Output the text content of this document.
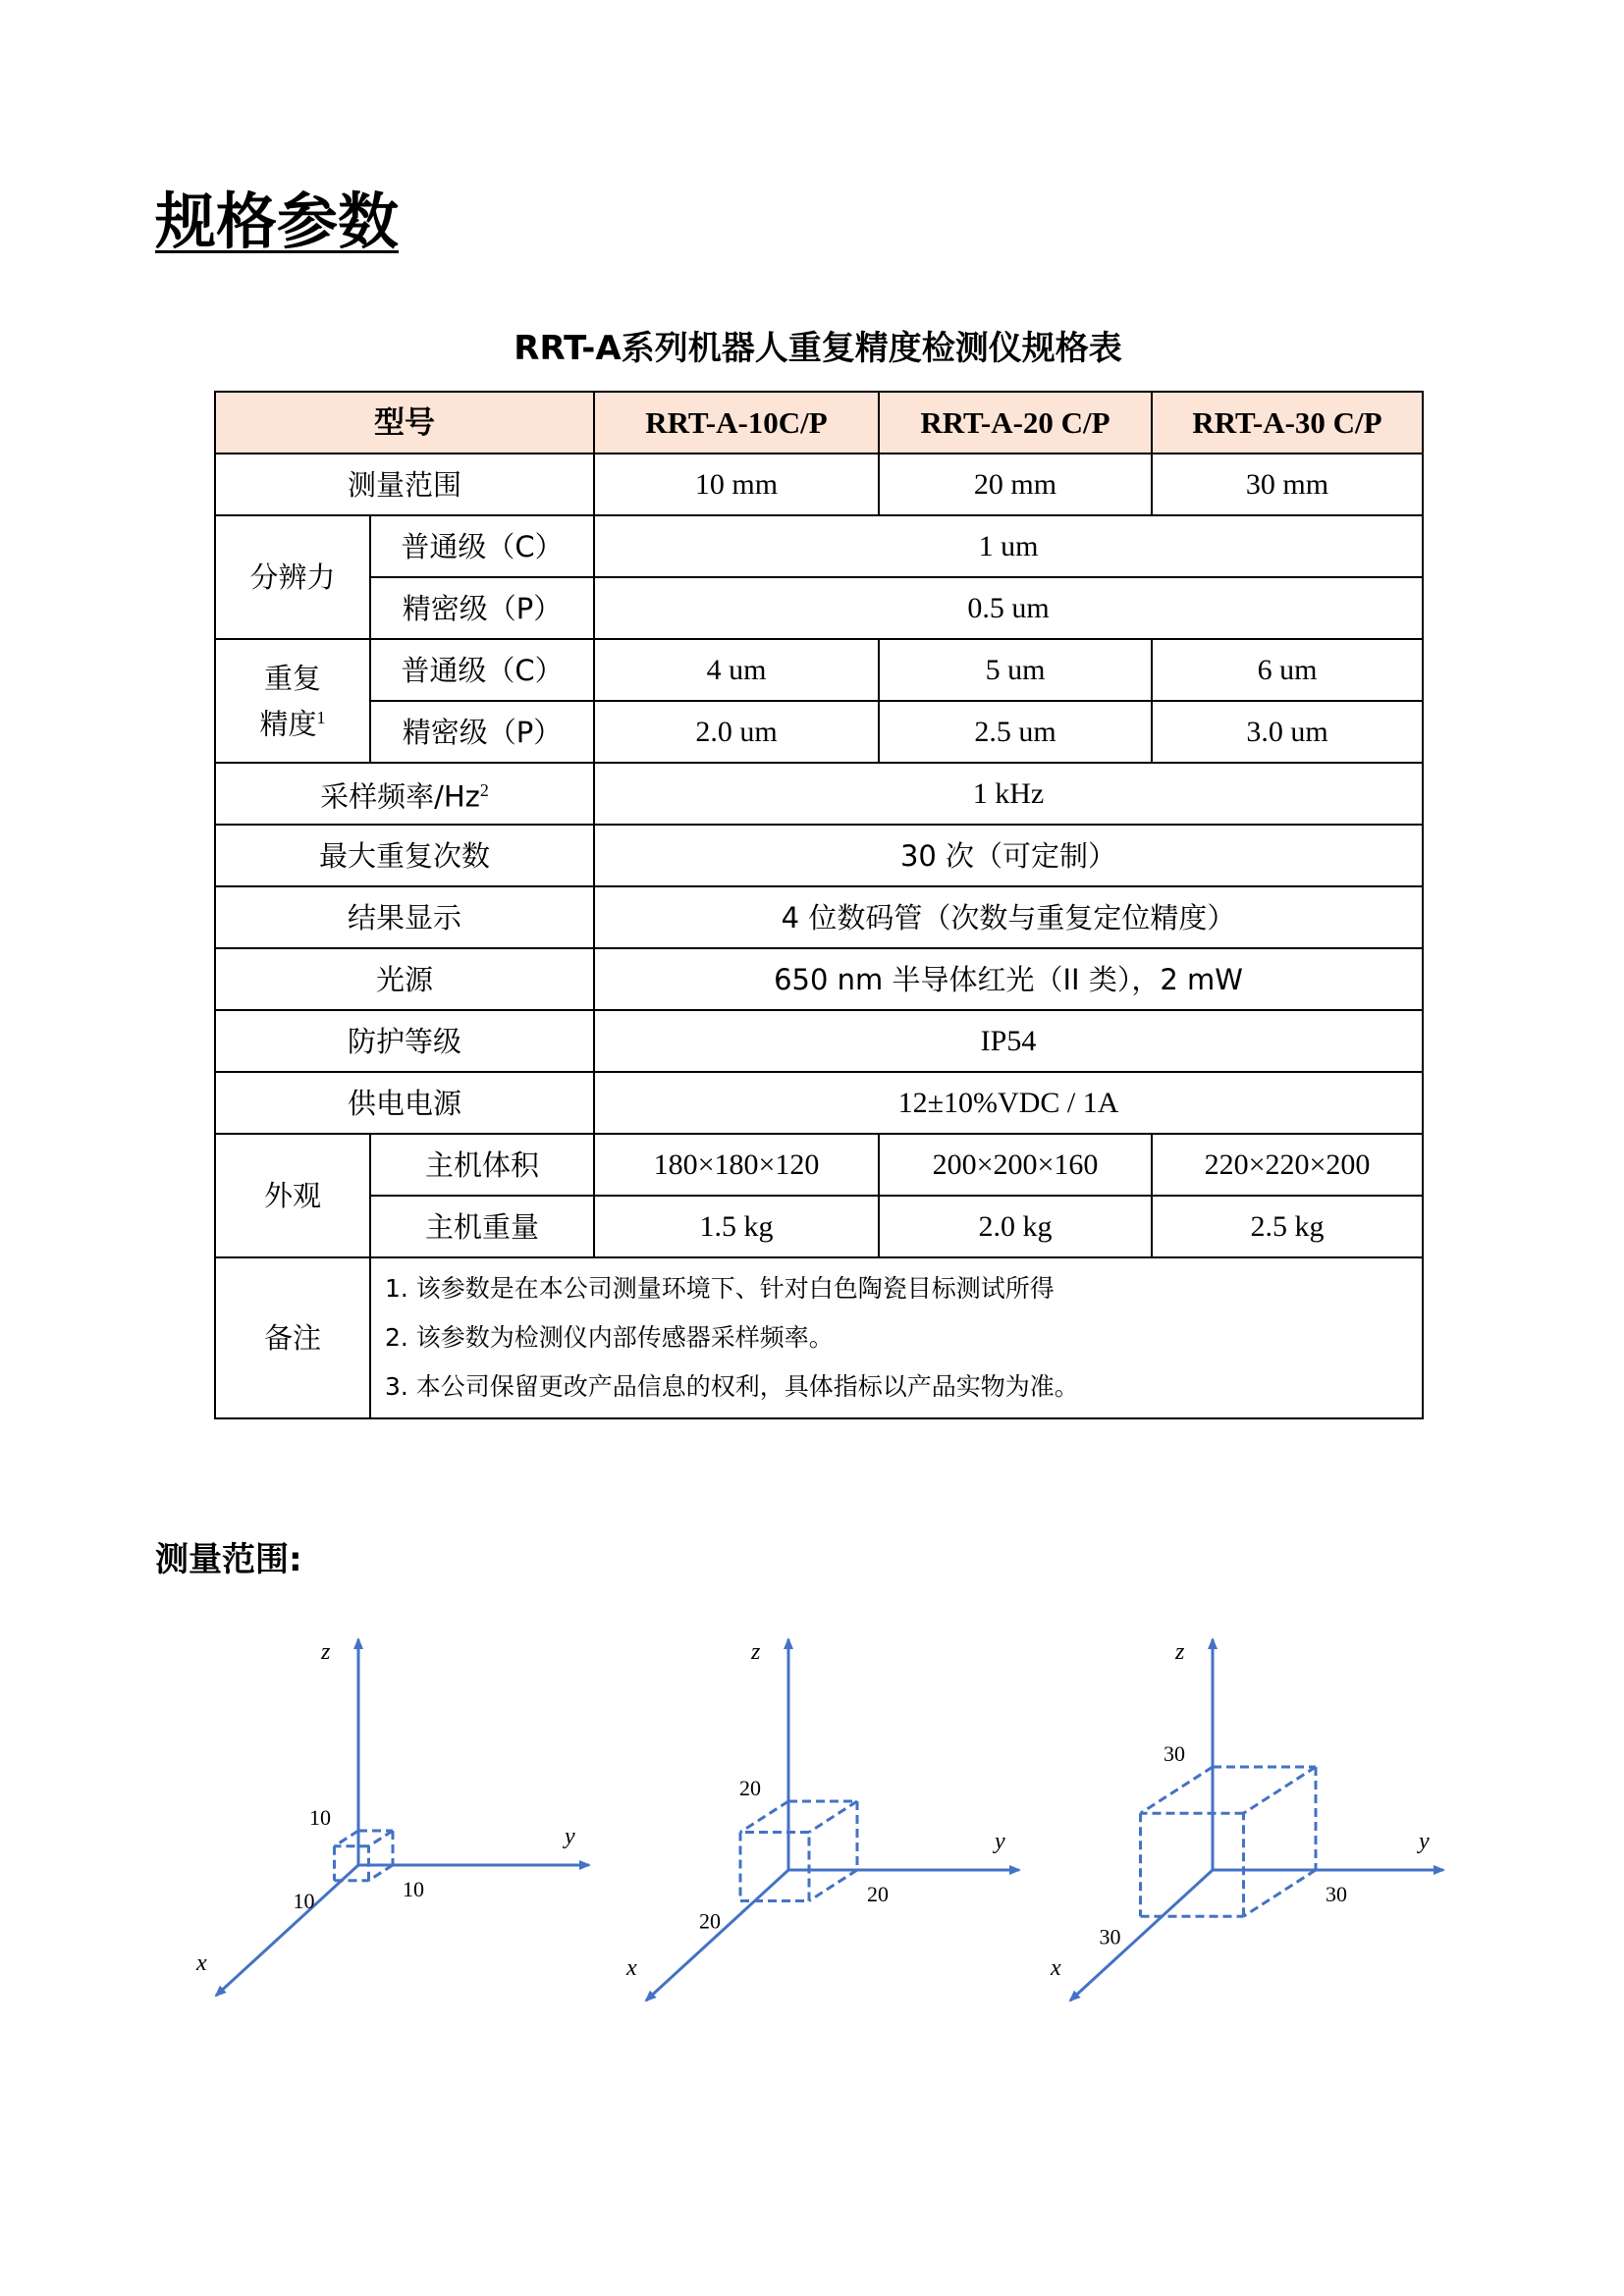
规格参数
RRT-A系列机器人重复精度检测仪规格表
型号		RRT-A-10C/P	RRT-A-20 C/P	RRT-A-30 C/P
测量范围		10 mm	20 mm	30 mm
分辨力	普通级（C）	1 um		
	精密级（P）	0.5 um		

重复
精度$^1$	普通级（C）	4 um	5 um	6 um
	精密级（P）	2.0 um	2.5 um	3.0 um
采样频率/Hz$^2$		1 kHz		
最大重复次数		30 次（可定制）		
结果显示		4 位数码管（次数与重复定位精度）		
光源		650 nm 半导体红光（II 类），2 mW		
防护等级		IP54		
供电电源		12±10%VDC / 1A		
外观	主机体积	180×180×120	200×200×160	220×220×200
	主机重量	1.5 kg	2.0 kg	2.5 kg
备注	1. 该参数是在本公司测量环境下、针对白色陶瓷目标测试所得
2. 该参数为检测仪内部传感器采样频率。
3. 本公司保留更改产品信息的权利，具体指标以产品实物为准。			
测量范围:
z
y
x
10
10
10
z
y
x
20
20
20
z
y
x
30
30
30
